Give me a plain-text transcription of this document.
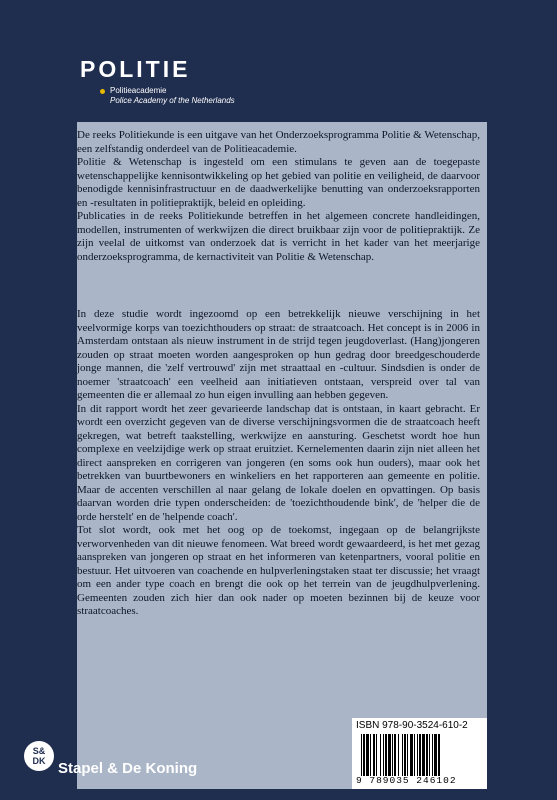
POLITIE
Politieacademie
Police Academy of the Netherlands

De reeks Politiekunde is een uitgave van het Onderzoeksprogramma Politie & Wetenschap, een zelfstandig onderdeel van de Politieacademie.

Politie & Wetenschap is ingesteld om een stimulans te geven aan de toegepaste wetenschappelijke kennisontwikkeling op het gebied van politie en veiligheid, de daarvoor benodigde kennisinfrastructuur en de daadwerkelijke benutting van onderzoeksrapporten en -resultaten in politiepraktijk, beleid en opleiding.

Publicaties in de reeks Politiekunde betreffen in het algemeen concrete handleidingen, modellen, instrumenten of werkwijzen die direct bruikbaar zijn voor de politiepraktijk. Ze zijn veelal de uitkomst van onderzoek dat is verricht in het kader van het meerjarige onderzoeksprogramma, de kernactiviteit van Politie & Wetenschap.

In deze studie wordt ingezoomd op een betrekkelijk nieuwe verschijning in het veelvormige korps van toezichthouders op straat: de straatcoach. Het concept is in 2006 in Amsterdam ontstaan als nieuw instrument in de strijd tegen jeugdoverlast. (Hang)jongeren zouden op straat moeten worden aangesproken op hun gedrag door breedgeschouderde jonge mannen, die 'zelf vertrouwd' zijn met straattaal en -cultuur. Sindsdien is onder de noemer 'straatcoach' een veelheid aan initiatieven ontstaan, verspreid over tal van gemeenten die er allemaal zo hun eigen invulling aan hebben gegeven.

In dit rapport wordt het zeer gevarieerde landschap dat is ontstaan, in kaart gebracht. Er wordt een overzicht gegeven van de diverse verschijningsvormen die de straatcoach heeft gekregen, wat betreft taakstelling, werkwijze en aansturing. Geschetst wordt hoe hun complexe en veelzijdige werk op straat eruitziet. Kernelementen daarin zijn niet alleen het direct aanspreken en corrigeren van jongeren (en soms ook hun ouders), maar ook het betrekken van buurtbewoners en winkeliers en het rapporteren aan gemeente en politie. Maar de accenten verschillen al naar gelang de lokale doelen en opvattingen. Op basis daarvan worden drie typen onderscheiden: de 'toezichthoudende bink', de 'helper die de orde herstelt' en de 'helpende coach'.

Tot slot wordt, ook met het oog op de toekomst, ingegaan op de belangrijkste verworvenheden van dit nieuwe fenomeen. Wat breed wordt gewaardeerd, is het met gezag aanspreken van jongeren op straat en het informeren van ketenpartners, vooral politie en bestuur. Het uitvoeren van coachende en hulpverleningstaken staat ter discussie; het vraagt om een ander type coach en brengt die ook op het terrein van de jeugdhulpverlening. Gemeenten zouden zich hier dan ook nader op moeten bezinnen bij de keuze voor straatcoaches.

ISBN 978-90-3524-610-2
9 789035 246102
S&
DK Stapel & De Koning
